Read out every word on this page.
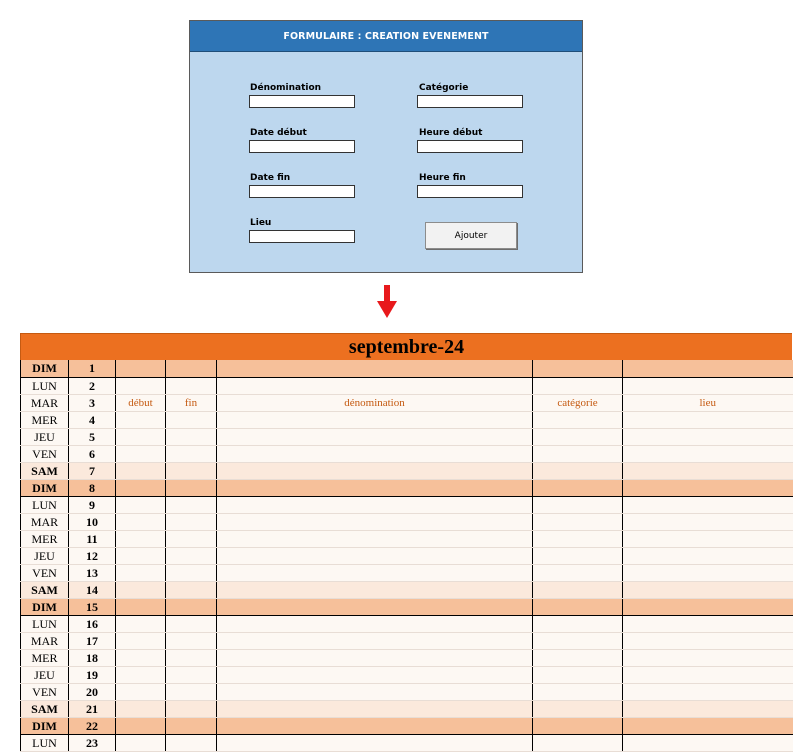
FORMULAIRE : CREATION EVENEMENT
Dénomination	Catégorie
Date début	Heure début
Date fin	Heure fin
Lieu
Ajouter
septembre-24
DIM	1					
LUN	2					
MAR	3	début	fin	dénomination	catégorie	lieu
MER	4					
JEU	5					
VEN	6					
SAM	7					
DIM	8					
LUN	9					
MAR	10					
MER	11					
JEU	12					
VEN	13					
SAM	14					
DIM	15					
LUN	16					
MAR	17					
MER	18					
JEU	19					
VEN	20					
SAM	21					
DIM	22					
LUN	23					
